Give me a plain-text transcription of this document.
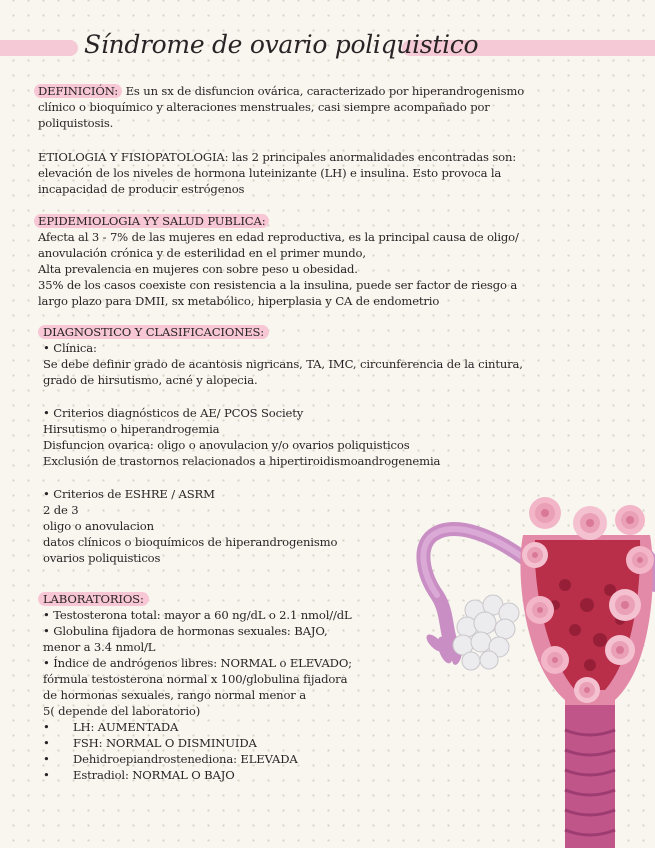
Síndrome de ovario poliquistico
DEFINICIÓN: Es un sx de disfuncion ovárica, caracterizado por hiperandrogenismo
clínico o bioquímico y alteraciones menstruales, casi siempre acompañado por
poliquistosis.
ETIOLOGIA Y FISIOPATOLOGIA: las 2 principales anormalidades encontradas son:
elevación de los niveles de hormona luteinizante (LH) e insulina. Esto provoca la
incapacidad de producir estrógenos
EPIDEMIOLOGIA YY SALUD PUBLICA:
Afecta al 3 - 7% de las mujeres en edad reproductiva, es la principal causa de oligo/
anovulación crónica y de esterilidad en el primer mundo,
Alta prevalencia en mujeres con sobre peso u obesidad.
35% de los casos coexiste con resistencia a la insulina, puede ser factor de riesgo a
largo plazo para DMII, sx metabólico, hiperplasia y CA de endometrio
DIAGNOSTICO Y CLASIFICACIONES:
• Clínica:
Se debe definir grado de acantosis nigricans, TA, IMC, circunferencia de la cintura,
grado de hirsutismo, acné y alopecia.
• Criterios diagnósticos de AE/ PCOS Society
Hirsutismo o hiperandrogemia
Disfuncion ovarica: oligo o anovulacion y/o ovarios poliquisticos
Exclusión de trastornos relacionados a hipertiroidismoandrogenemia
• Criterios de ESHRE / ASRM
2 de 3
oligo o anovulacion
datos clínicos o bioquímicos de hiperandrogenismo
ovarios poliquisticos
LABORATORIOS:
• Testosterona total: mayor a 60 ng/dL o 2.1 nmol//dL
• Globulina fijadora de hormonas sexuales: BAJO,
menor a 3.4 nmol/L
• Índice de andrógenos libres: NORMAL o ELEVADO;
fórmula testosterona normal x 100/globulina fijadora
de hormonas sexuales, rango normal menor a
5( depende del laboratorio)
• LH: AUMENTADA
• FSH: NORMAL O DISMINUIDA
• Dehidroepiandrostenediona: ELEVADA
• Estradiol: NORMAL O BAJO
